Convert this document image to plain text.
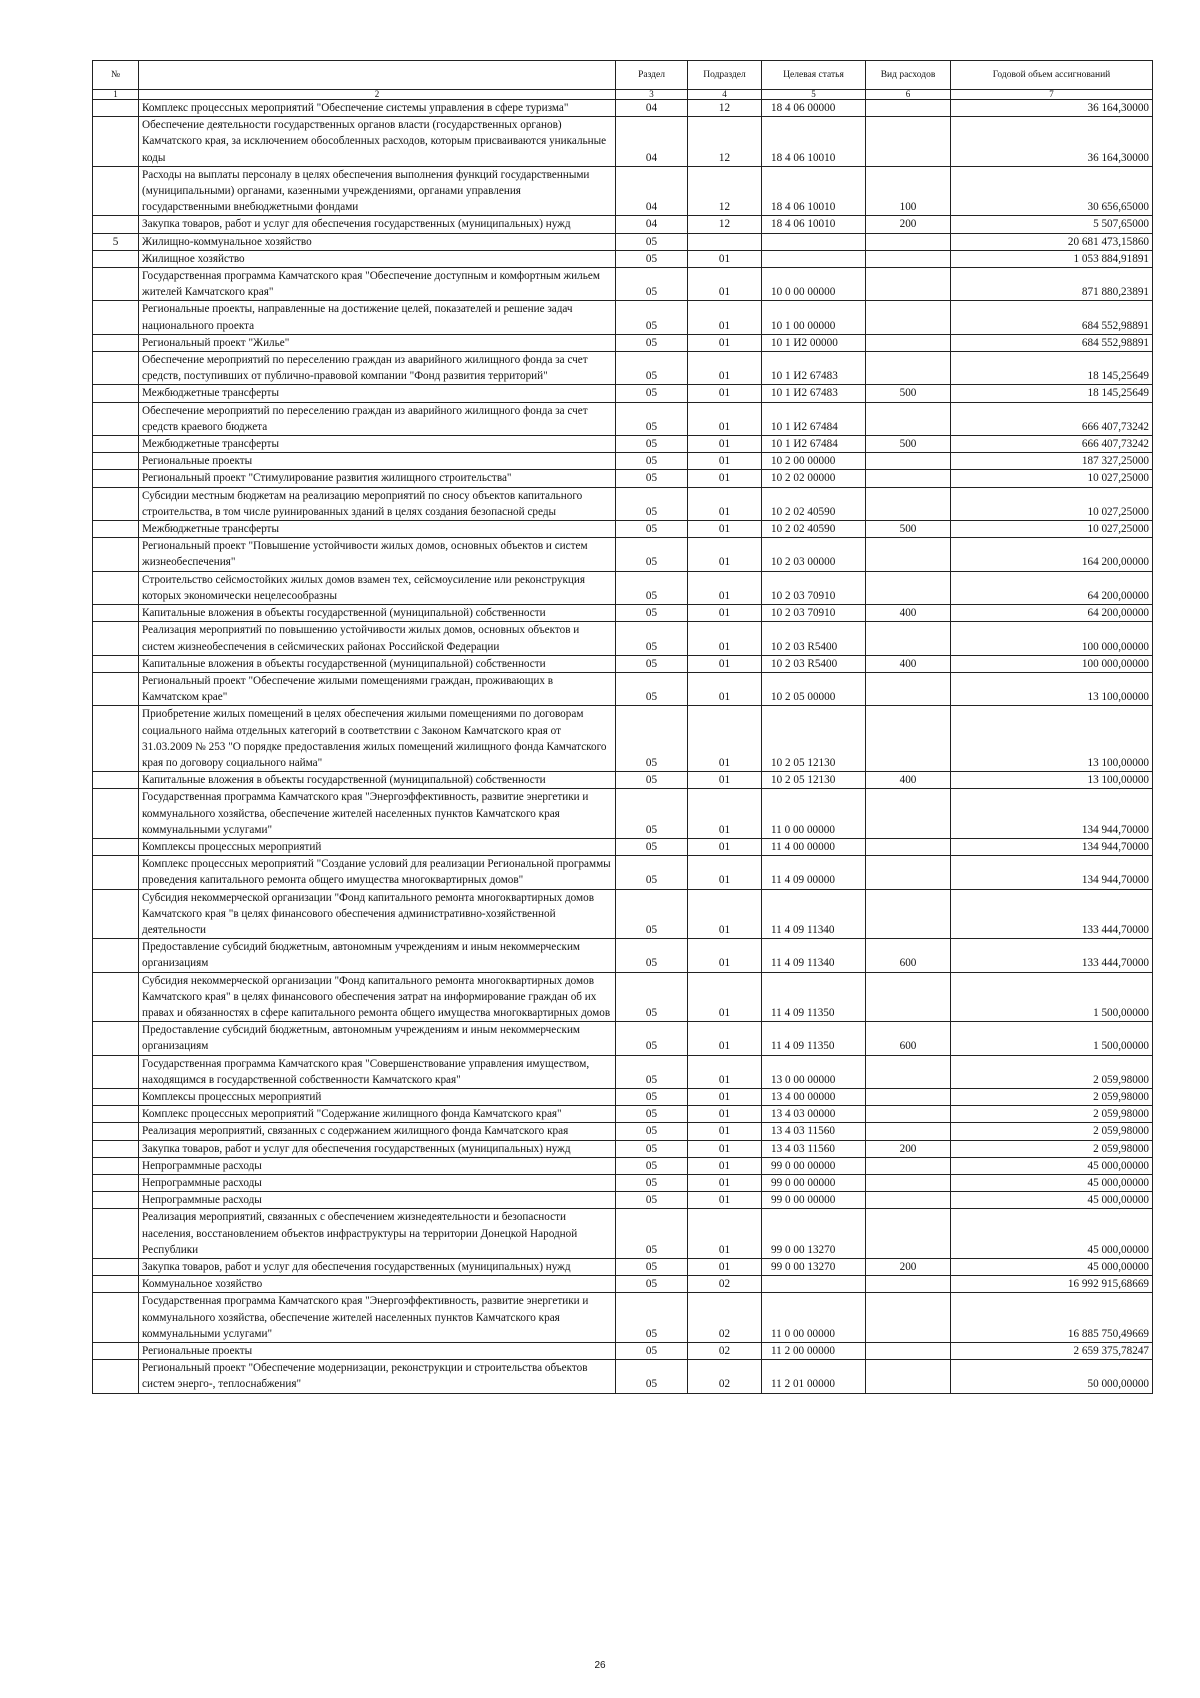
№		Раздел	Подраздел	Целевая статья	Вид расходов	Годовой объем ассигнований
1	2	3	4	5	6	7
	Комплекс процессных мероприятий "Обеспечение системы управления в сфере туризма"	04	12	18 4 06 00000		36 164,30000
	Обеспечение деятельности государственных органов власти (государственных органов) Камчатского края, за исключением обособленных расходов, которым присваиваются уникальные коды	04	12	18 4 06 10010		36 164,30000
	Расходы на выплаты персоналу в целях обеспечения выполнения функций государственными (муниципальными) органами, казенными учреждениями, органами управления государственными внебюджетными фондами	04	12	18 4 06 10010	100	30 656,65000
	Закупка товаров, работ и услуг для обеспечения государственных (муниципальных) нужд	04	12	18 4 06 10010	200	5 507,65000
5	Жилищно-коммунальное хозяйство	05				20 681 473,15860
	Жилищное хозяйство	05	01			1 053 884,91891
	Государственная программа Камчатского края "Обеспечение доступным и комфортным жильем жителей Камчатского края"	05	01	10 0 00 00000		871 880,23891
	Региональные проекты, направленные на достижение целей, показателей и решение задач национального проекта	05	01	10 1 00 00000		684 552,98891
	Региональный проект "Жилье"	05	01	10 1 И2 00000		684 552,98891
	Обеспечение мероприятий по переселению граждан из аварийного жилищного фонда за счет средств, поступивших от публично-правовой компании "Фонд развития территорий"	05	01	10 1 И2 67483		18 145,25649
	Межбюджетные трансферты	05	01	10 1 И2 67483	500	18 145,25649
	Обеспечение мероприятий по переселению граждан из аварийного жилищного фонда за счет средств краевого бюджета	05	01	10 1 И2 67484		666 407,73242
	Межбюджетные трансферты	05	01	10 1 И2 67484	500	666 407,73242
	Региональные проекты	05	01	10 2 00 00000		187 327,25000
	Региональный проект "Стимулирование развития жилищного строительства"	05	01	10 2 02 00000		10 027,25000
	Субсидии местным бюджетам на реализацию мероприятий по сносу объектов капитального строительства, в том числе руинированных зданий в целях создания безопасной среды	05	01	10 2 02 40590		10 027,25000
	Межбюджетные трансферты	05	01	10 2 02 40590	500	10 027,25000
	Региональный проект "Повышение устойчивости жилых домов, основных объектов и систем жизнеобеспечения"	05	01	10 2 03 00000		164 200,00000
	Строительство сейсмостойких жилых домов взамен тех, сейсмоусиление или реконструкция которых экономически нецелесообразны	05	01	10 2 03 70910		64 200,00000
	Капитальные вложения в объекты государственной (муниципальной) собственности	05	01	10 2 03 70910	400	64 200,00000
	Реализация мероприятий по повышению устойчивости жилых домов, основных объектов и систем жизнеобеспечения в сейсмических районах Российской Федерации	05	01	10 2 03 R5400		100 000,00000
	Капитальные вложения в объекты государственной (муниципальной) собственности	05	01	10 2 03 R5400	400	100 000,00000
	Региональный проект "Обеспечение жилыми помещениями граждан, проживающих в Камчатском крае"	05	01	10 2 05 00000		13 100,00000
	Приобретение жилых помещений в целях обеспечения жилыми помещениями по договорам социального найма отдельных категорий в соответствии с Законом Камчатского края от 31.03.2009 № 253 "О порядке предоставления жилых помещений жилищного фонда Камчатского края по договору социального найма"	05	01	10 2 05 12130		13 100,00000
	Капитальные вложения в объекты государственной (муниципальной) собственности	05	01	10 2 05 12130	400	13 100,00000
	Государственная программа Камчатского края "Энергоэффективность, развитие энергетики и коммунального хозяйства, обеспечение жителей населенных пунктов Камчатского края коммунальными услугами"	05	01	11 0 00 00000		134 944,70000
	Комплексы процессных мероприятий	05	01	11 4 00 00000		134 944,70000
	Комплекс процессных мероприятий "Создание условий для реализации Региональной программы проведения капитального ремонта общего имущества многоквартирных домов"	05	01	11 4 09 00000		134 944,70000
	Субсидия некоммерческой организации "Фонд капитального ремонта многоквартирных домов Камчатского края "в целях финансового обеспечения административно-хозяйственной деятельности	05	01	11 4 09 11340		133 444,70000
	Предоставление субсидий бюджетным, автономным учреждениям и иным некоммерческим организациям	05	01	11 4 09 11340	600	133 444,70000
	Субсидия некоммерческой организации "Фонд капитального ремонта многоквартирных домов Камчатского края" в целях финансового обеспечения затрат на информирование граждан об их правах и обязанностях в сфере капитального ремонта общего имущества многоквартирных домов	05	01	11 4 09 11350		1 500,00000
	Предоставление субсидий бюджетным, автономным учреждениям и иным некоммерческим организациям	05	01	11 4 09 11350	600	1 500,00000
	Государственная программа Камчатского края "Совершенствование управления имуществом, находящимся в государственной собственности Камчатского края"	05	01	13 0 00 00000		2 059,98000
	Комплексы процессных мероприятий	05	01	13 4 00 00000		2 059,98000
	Комплекс процессных мероприятий "Содержание жилищного фонда Камчатского края"	05	01	13 4 03 00000		2 059,98000
	Реализация мероприятий, связанных с содержанием жилищного фонда Камчатского края	05	01	13 4 03 11560		2 059,98000
	Закупка товаров, работ и услуг для обеспечения государственных (муниципальных) нужд	05	01	13 4 03 11560	200	2 059,98000
	Непрограммные расходы	05	01	99 0 00 00000		45 000,00000
	Непрограммные расходы	05	01	99 0 00 00000		45 000,00000
	Непрограммные расходы	05	01	99 0 00 00000		45 000,00000
	Реализация мероприятий, связанных с обеспечением жизнедеятельности и безопасности населения, восстановлением объектов инфраструктуры на территории Донецкой Народной Республики	05	01	99 0 00 13270		45 000,00000
	Закупка товаров, работ и услуг для обеспечения государственных (муниципальных) нужд	05	01	99 0 00 13270	200	45 000,00000
	Коммунальное хозяйство	05	02			16 992 915,68669
	Государственная программа Камчатского края "Энергоэффективность, развитие энергетики и коммунального хозяйства, обеспечение жителей населенных пунктов Камчатского края коммунальными услугами"	05	02	11 0 00 00000		16 885 750,49669
	Региональные проекты	05	02	11 2 00 00000		2 659 375,78247
	Региональный проект "Обеспечение модернизации, реконструкции и строительства объектов систем энерго-, теплоснабжения"	05	02	11 2 01 00000		50 000,00000
26
